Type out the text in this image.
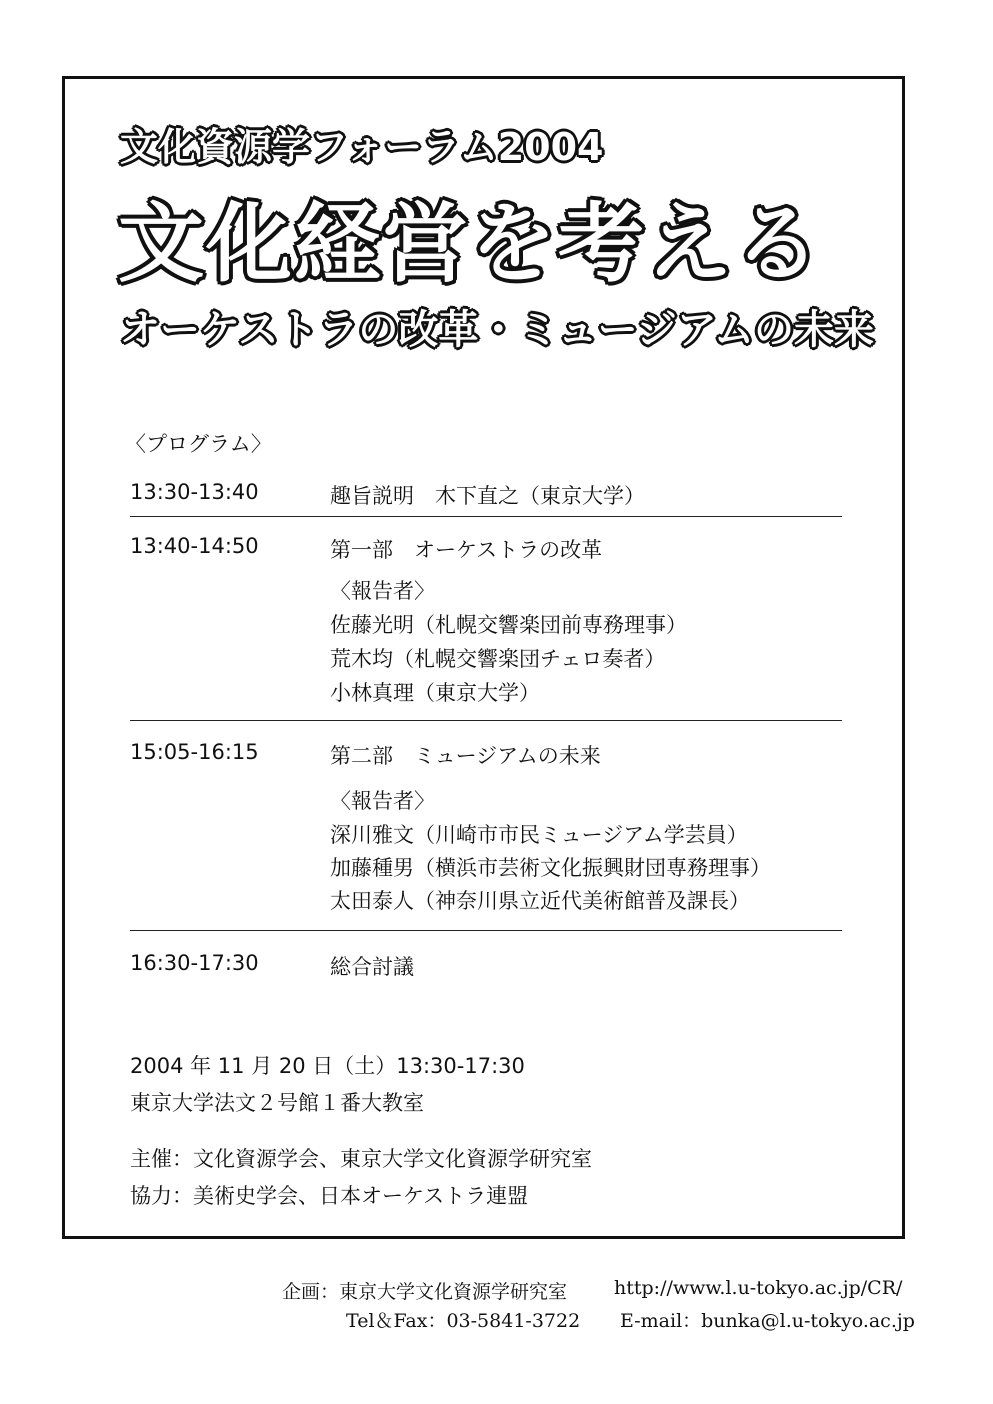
文化資源学フォーラム2004
文化経営を考える
オーケストラの改革・ミュージアムの未来
〈プログラム〉
13:30-13:40	趣旨説明　木下直之（東京大学）
13:40-14:50	第一部　オーケストラの改革
〈報告者〉
佐藤光明（札幌交響楽団前専務理事）
荒木均（札幌交響楽団チェロ奏者）
小林真理（東京大学）
15:05-16:15	第二部　ミュージアムの未来
〈報告者〉
深川雅文（川崎市市民ミュージアム学芸員）
加藤種男（横浜市芸術文化振興財団専務理事）
太田泰人（神奈川県立近代美術館普及課長）
16:30-17:30	総合討議
2004 年 11 月 20 日（土）13:30-17:30
東京大学法文２号館１番大教室
主催：文化資源学会、東京大学文化資源学研究室
協力：美術史学会、日本オーケストラ連盟
企画：東京大学文化資源学研究室 http://www.l.u-tokyo.ac.jp/CR/
Tel＆Fax：03-5841-3722 E-mail：bunka@l.u-tokyo.ac.jp
